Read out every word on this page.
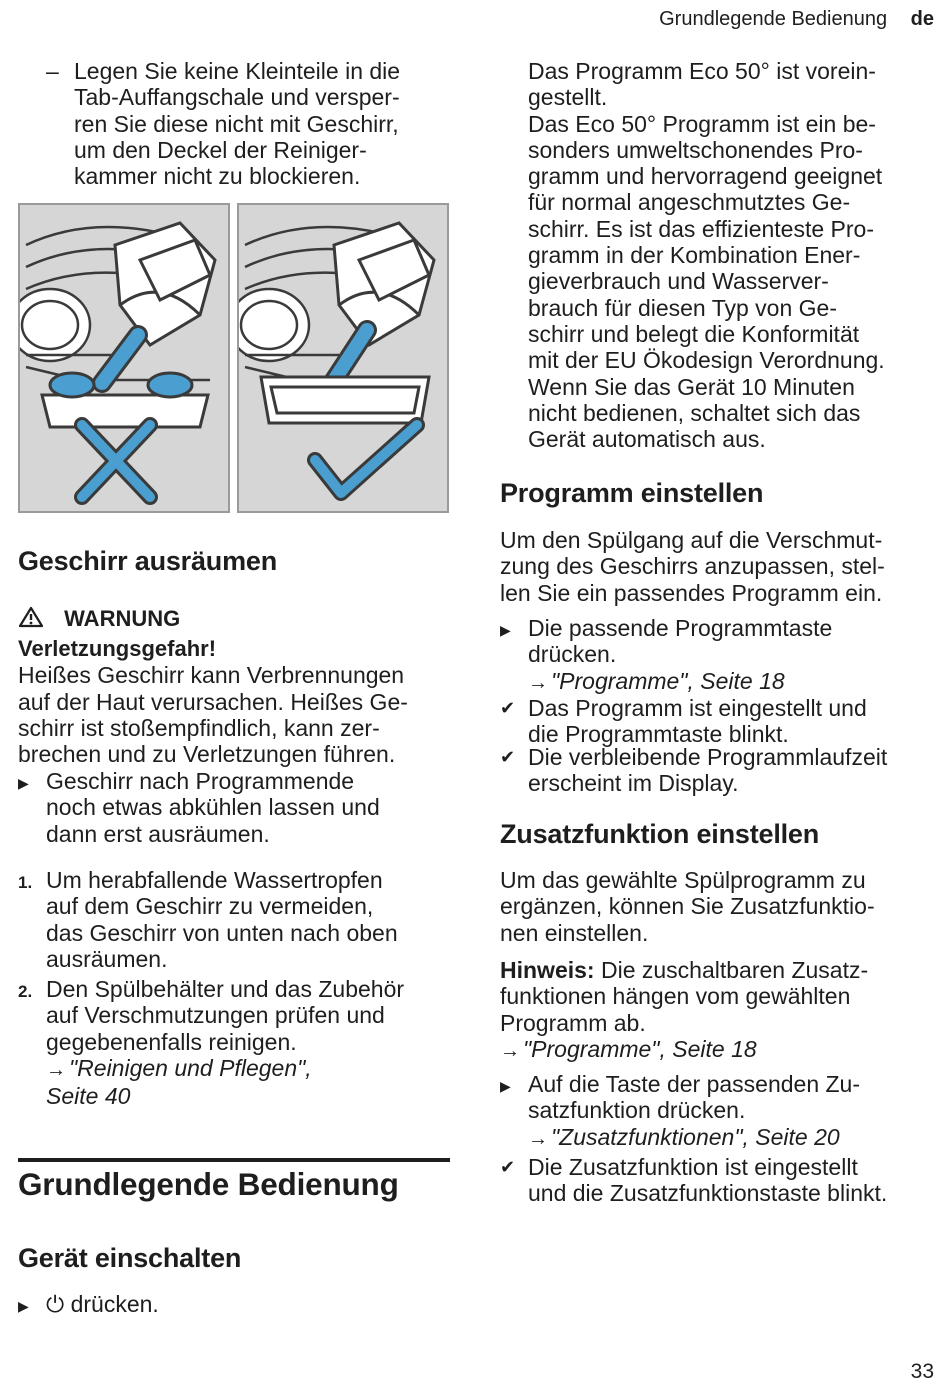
Grundlegende Bedienung de
– Legen Sie keine Kleinteile in die
Tab-Auffangschale und versper-
ren Sie diese nicht mit Geschirr,
um den Deckel der Reiniger-
kammer nicht zu blockieren.
Geschirr ausräumen
WARNUNG
Verletzungsgefahr!
Heißes Geschirr kann Verbrennungen
auf der Haut verursachen. Heißes Ge-
schirr ist stoßempfindlich, kann zer-
brechen und zu Verletzungen führen.
▶ Geschirr nach Programmende
noch etwas abkühlen lassen und
dann erst ausräumen.
1. Um herabfallende Wassertropfen
auf dem Geschirr zu vermeiden,
das Geschirr von unten nach oben
ausräumen.
2. Den Spülbehälter und das Zubehör
auf Verschmutzungen prüfen und
gegebenenfalls reinigen.
→ "Reinigen und Pflegen",
Seite 40
Grundlegende Bedienung
Gerät einschalten
▶ ⏻ drücken.
Das Programm Eco 50° ist vorein-
gestellt.
Das Eco 50° Programm ist ein be-
sonders umweltschonendes Pro-
gramm und hervorragend geeignet
für normal angeschmutztes Ge-
schirr. Es ist das effizienteste Pro-
gramm in der Kombination Ener-
gieverbrauch und Wasserver-
brauch für diesen Typ von Ge-
schirr und belegt die Konformität
mit der EU Ökodesign Verordnung.
Wenn Sie das Gerät 10 Minuten
nicht bedienen, schaltet sich das
Gerät automatisch aus.
Programm einstellen
Um den Spülgang auf die Verschmut-
zung des Geschirrs anzupassen, stel-
len Sie ein passendes Programm ein.
▶ Die passende Programmtaste
drücken.
→ "Programme", Seite 18
✔ Das Programm ist eingestellt und
die Programmtaste blinkt.
✔ Die verbleibende Programmlaufzeit
erscheint im Display.
Zusatzfunktion einstellen
Um das gewählte Spülprogramm zu
ergänzen, können Sie Zusatzfunktio-
nen einstellen.
Hinweis: Die zuschaltbaren Zusatz-
funktionen hängen vom gewählten
Programm ab.
→ "Programme", Seite 18
▶ Auf die Taste der passenden Zu-
satzfunktion drücken.
→ "Zusatzfunktionen", Seite 20
✔ Die Zusatzfunktion ist eingestellt
und die Zusatzfunktionstaste blinkt.
33
